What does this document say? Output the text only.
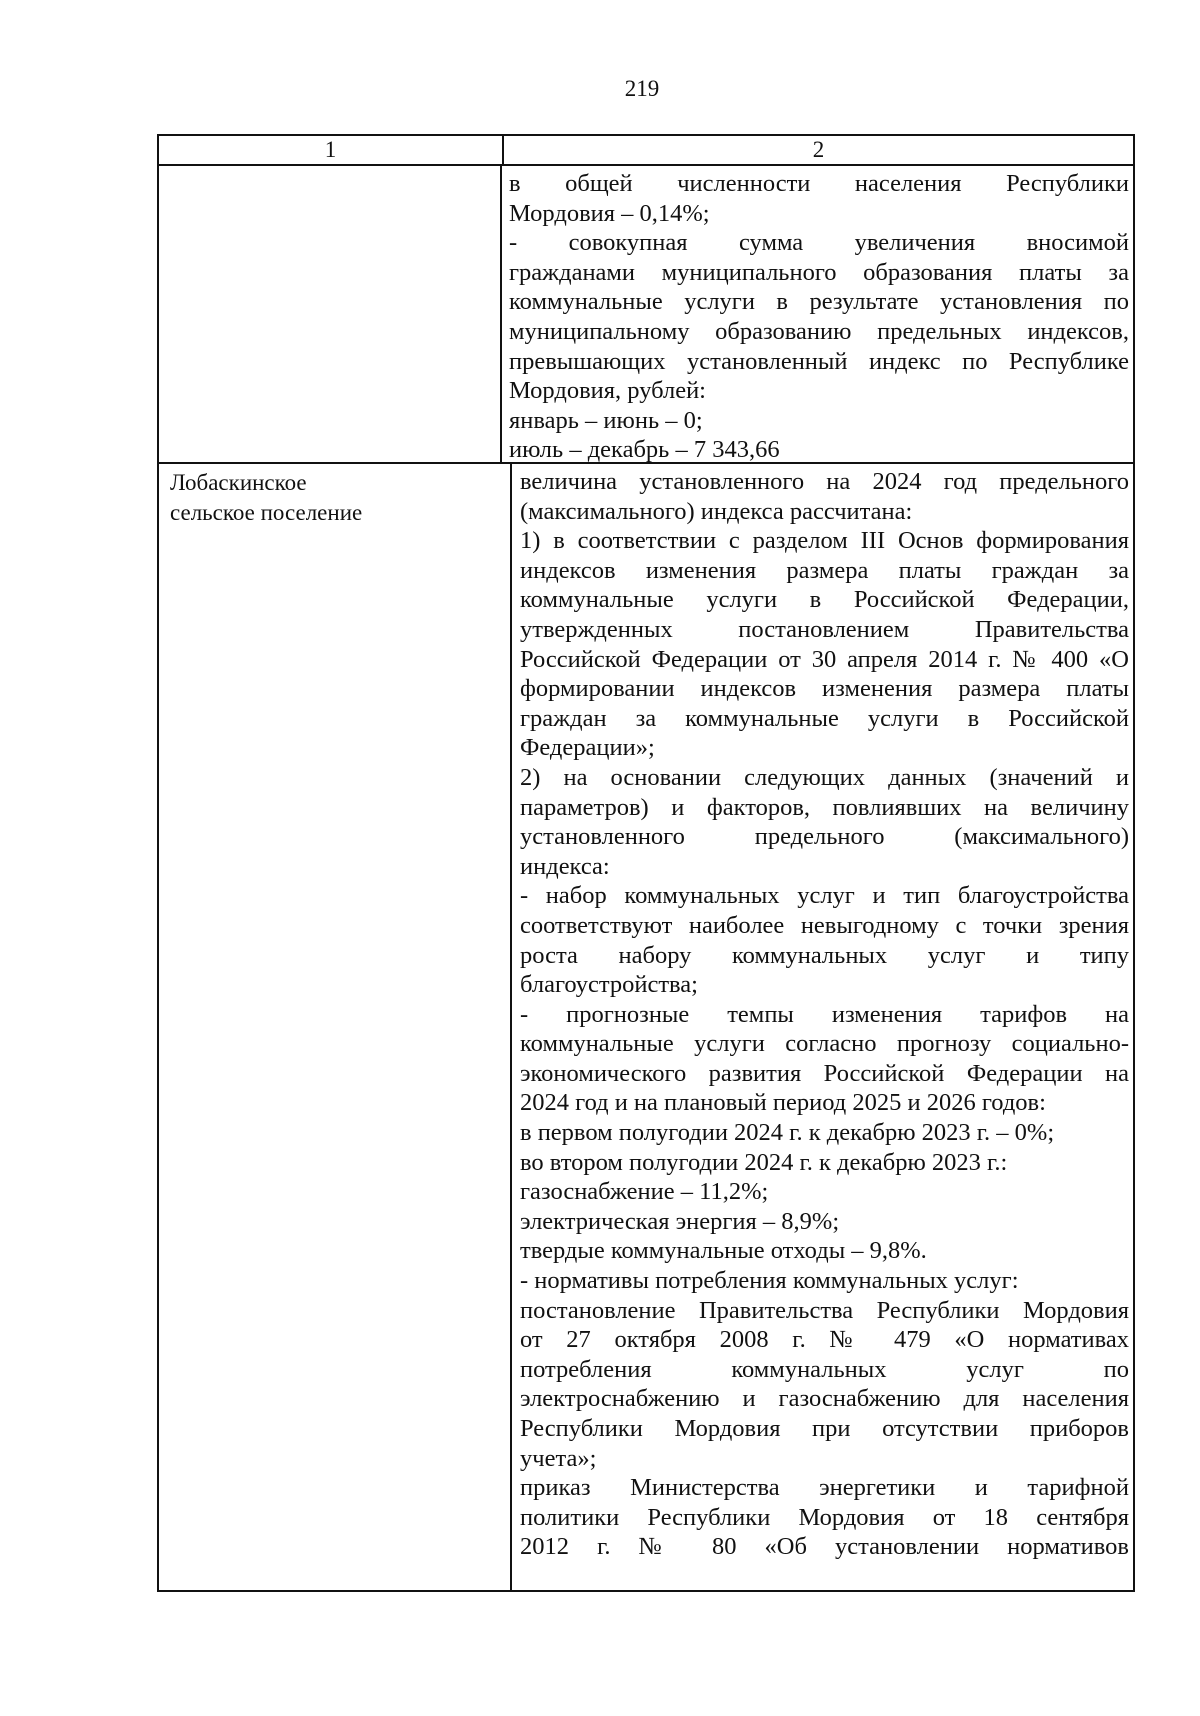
219
1	2
в общей численности населения Республики
Мордовия – 0,14%;
- совокупная сумма увеличения вносимой
гражданами муниципального образования платы за
коммунальные услуги в результате установления по
муниципальному образованию предельных индексов,
превышающих установленный индекс по Республике
Мордовия, рублей:
январь – июнь – 0;
июль – декабрь – 7 343,66
Лобаскинское
сельское поселение
величина установленного на 2024 год предельного
(максимального) индекса рассчитана:
1) в соответствии с разделом III Основ формирования
индексов изменения размера платы граждан за
коммунальные услуги в Российской Федерации,
утвержденных постановлением Правительства
Российской Федерации от 30 апреля 2014 г. № 400 «О
формировании индексов изменения размера платы
граждан за коммунальные услуги в Российской
Федерации»;
2) на основании следующих данных (значений и
параметров) и факторов, повлиявших на величину
установленного предельного (максимального)
индекса:
- набор коммунальных услуг и тип благоустройства
соответствуют наиболее невыгодному с точки зрения
роста набору коммунальных услуг и типу
благоустройства;
- прогнозные темпы изменения тарифов на
коммунальные услуги согласно прогнозу социально-
экономического развития Российской Федерации на
2024 год и на плановый период 2025 и 2026 годов:
в первом полугодии 2024 г. к декабрю 2023 г. – 0%;
во втором полугодии 2024 г. к декабрю 2023 г.:
газоснабжение – 11,2%;
электрическая энергия – 8,9%;
твердые коммунальные отходы – 9,8%.
- нормативы потребления коммунальных услуг:
постановление Правительства Республики Мордовия
от 27 октября 2008 г. № 479 «О нормативах
потребления коммунальных услуг по
электроснабжению и газоснабжению для населения
Республики Мордовия при отсутствии приборов
учета»;
приказ Министерства энергетики и тарифной
политики Республики Мордовия от 18 сентября
2012 г. № 80 «Об установлении нормативов
